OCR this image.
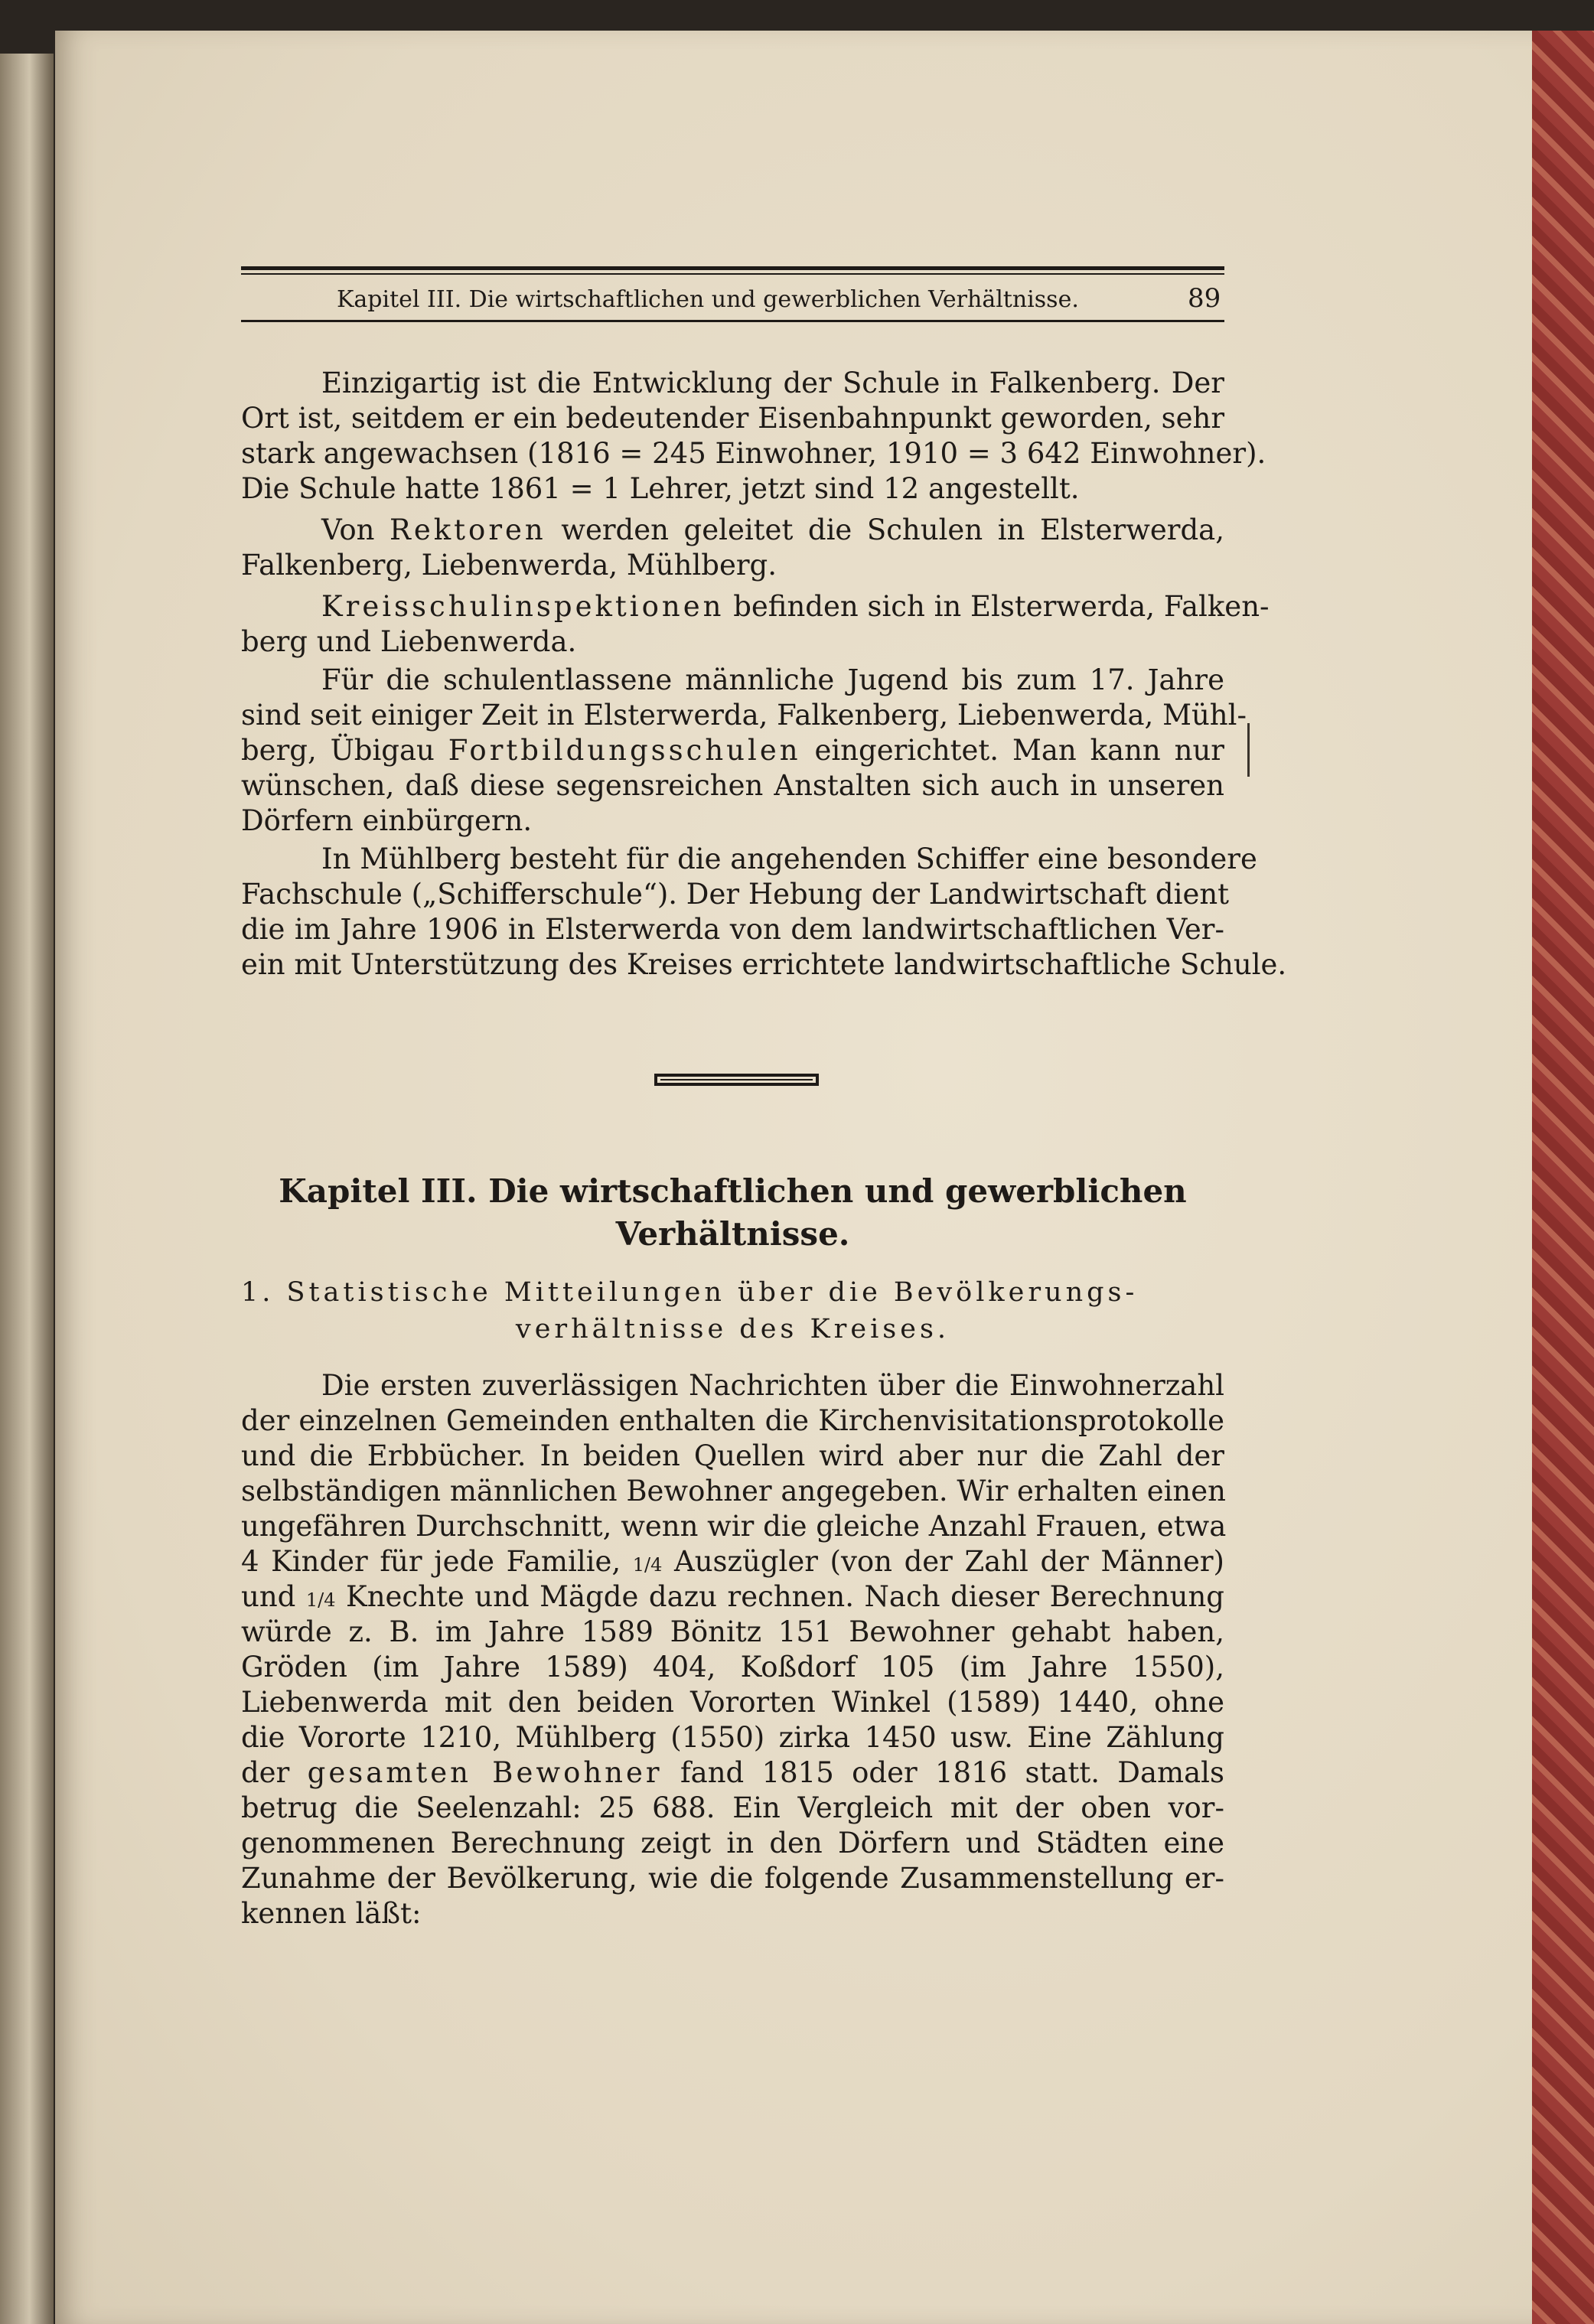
Kapitel III. Die wirtschaftlichen und gewerblichen Verhältnisse.	89
Einzigartig ist die Entwicklung der Schule in Falkenberg. Der
Ort ist, seitdem er ein bedeutender Eisenbahnpunkt geworden, sehr
stark angewachsen (1816 = 245 Einwohner, 1910 = 3 642 Einwohner).
Die Schule hatte 1861 = 1 Lehrer, jetzt sind 12 angestellt.
Von Rektoren werden geleitet die Schulen in Elsterwerda,
Falkenberg, Liebenwerda, Mühlberg.
Kreisschulinspektionen befinden sich in Elsterwerda, Falken-
berg und Liebenwerda.
Für die schulentlassene männliche Jugend bis zum 17. Jahre
sind seit einiger Zeit in Elsterwerda, Falkenberg, Liebenwerda, Mühl-
berg, Übigau Fortbildungsschulen eingerichtet. Man kann nur
wünschen, daß diese segensreichen Anstalten sich auch in unseren
Dörfern einbürgern.
In Mühlberg besteht für die angehenden Schiffer eine besondere
Fachschule („Schifferschule“). Der Hebung der Landwirtschaft dient
die im Jahre 1906 in Elsterwerda von dem landwirtschaftlichen Ver-
ein mit Unterstützung des Kreises errichtete landwirtschaftliche Schule.
Kapitel III. Die wirtschaftlichen und gewerblichen
Verhältnisse.
1. Statistische Mitteilungen über die Bevölkerungs-
verhältnisse des Kreises.
Die ersten zuverlässigen Nachrichten über die Einwohnerzahl
der einzelnen Gemeinden enthalten die Kirchenvisitationsprotokolle
und die Erbbücher. In beiden Quellen wird aber nur die Zahl der
selbständigen männlichen Bewohner angegeben. Wir erhalten einen
ungefähren Durchschnitt, wenn wir die gleiche Anzahl Frauen, etwa
4 Kinder für jede Familie, 1/4 Auszügler (von der Zahl der Männer)
und 1/4 Knechte und Mägde dazu rechnen. Nach dieser Berechnung
würde z. B. im Jahre 1589 Bönitz 151 Bewohner gehabt haben,
Gröden (im Jahre 1589) 404, Koßdorf 105 (im Jahre 1550),
Liebenwerda mit den beiden Vororten Winkel (1589) 1440, ohne
die Vororte 1210, Mühlberg (1550) zirka 1450 usw. Eine Zählung
der gesamten Bewohner fand 1815 oder 1816 statt. Damals
betrug die Seelenzahl: 25 688. Ein Vergleich mit der oben vor-
genommenen Berechnung zeigt in den Dörfern und Städten eine
Zunahme der Bevölkerung, wie die folgende Zusammenstellung er-
kennen läßt:
